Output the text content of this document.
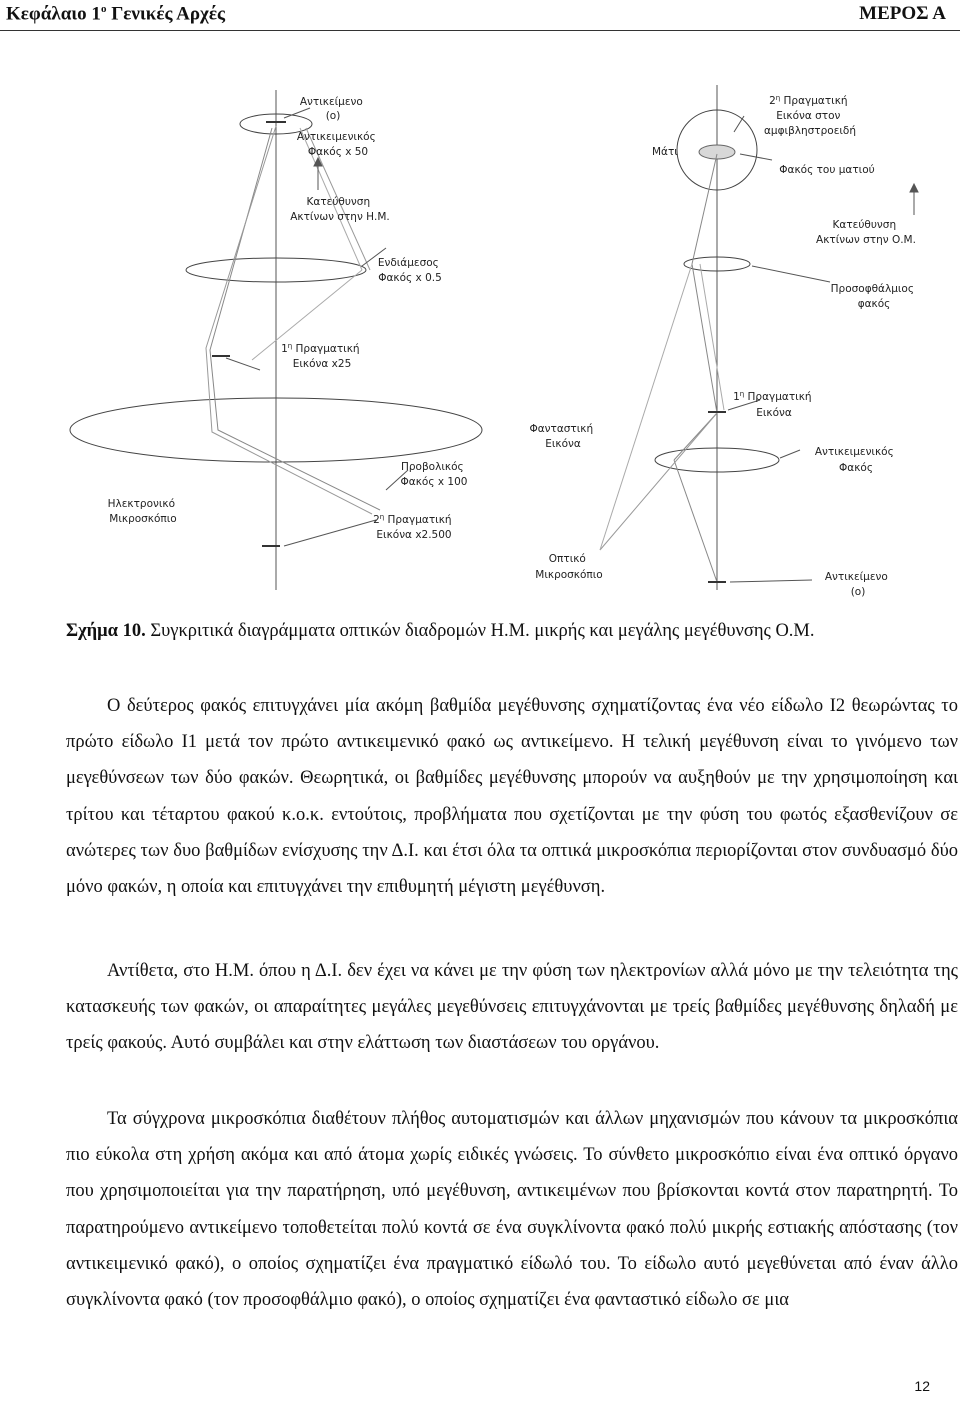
Κεφάλαιο $1^o$ Γενικές Αρχές	ΜΕΡΟΣ Α
Αντικείμενο (o)
Αντικειμενικός Φακός x 50
Κατεύθυνση Ακτίνων στην Η.Μ.
Ενδιάμεσος Φακός x 0.5
$1^\eta$ Πραγματική Εικόνα x25
Προβολικός Φακός x 100
Ηλεκτρονικό Μικροσκόπιο	$2^\eta$ Πραγματική Εικόνα x2.500
$2^\eta$ Πραγματική Εικόνα στον αμφιβληστροειδή
Μάτι
Φακός του ματιού
Κατεύθυνση Ακτίνων στην Ο.Μ.
Προσοφθάλμιος φακός
$1^\eta$ Πραγματική Εικόνα
Φανταστική Εικόνα
Αντικειμενικός Φακός
Οπτικό Μικροσκόπιο	Αντικείμενο (o)
Σχήμα 10. Συγκριτικά διαγράμματα οπτικών διαδρομών Η.Μ. μικρής και μεγάλης μεγέθυνσης Ο.Μ.

Ο δεύτερος φακός επιτυγχάνει μία ακόμη βαθμίδα μεγέθυνσης σχηματίζοντας ένα νέο είδωλο Ι2 θεωρώντας το πρώτο είδωλο Ι1 μετά τον πρώτο αντικειμενικό φακό ως αντικείμενο. Η τελική μεγέθυνση είναι το γινόμενο των μεγεθύνσεων των δύο φακών. Θεωρητικά, οι βαθμίδες μεγέθυνσης μπορούν να αυξηθούν με την χρησιμοποίηση και τρίτου και τέταρτου φακού κ.ο.κ. εντούτοις, προβλήματα που σχετίζονται με την φύση του φωτός εξασθενίζουν σε ανώτερες των δυο βαθμίδων ενίσχυσης την Δ.Ι. και έτσι όλα τα οπτικά μικροσκόπια περιορίζονται στον συνδυασμό δύο μόνο φακών, η οποία και επιτυγχάνει την επιθυμητή μέγιστη μεγέθυνση.

Αντίθετα, στο Η.Μ. όπου η Δ.Ι. δεν έχει να κάνει με την φύση των ηλεκτρονίων αλλά μόνο με την τελειότητα της κατασκευής των φακών, οι απαραίτητες μεγάλες μεγεθύνσεις επιτυγχάνονται με τρείς βαθμίδες μεγέθυνσης δηλαδή με τρείς φακούς. Αυτό συμβάλει και στην ελάττωση των διαστάσεων του οργάνου.

Τα σύγχρονα μικροσκόπια διαθέτουν πλήθος αυτοματισμών και άλλων μηχανισμών που κάνουν τα μικροσκόπια πιο εύκολα στη χρήση ακόμα και από άτομα χωρίς ειδικές γνώσεις. Το σύνθετο μικροσκόπιο είναι ένα οπτικό όργανο που χρησιμοποιείται για την παρατήρηση, υπό μεγέθυνση, αντικειμένων που βρίσκονται κοντά στον παρατηρητή. Το παρατηρούμενο αντικείμενο τοποθετείται πολύ κοντά σε ένα συγκλίνοντα φακό πολύ μικρής εστιακής απόστασης (τον αντικειμενικό φακό), ο οποίος σχηματίζει ένα πραγματικό είδωλό του. Το είδωλο αυτό μεγεθύνεται από έναν άλλο συγκλίνοντα φακό (τον προσοφθάλμιο φακό), ο οποίος σχηματίζει ένα φανταστικό είδωλο σε μια

12
